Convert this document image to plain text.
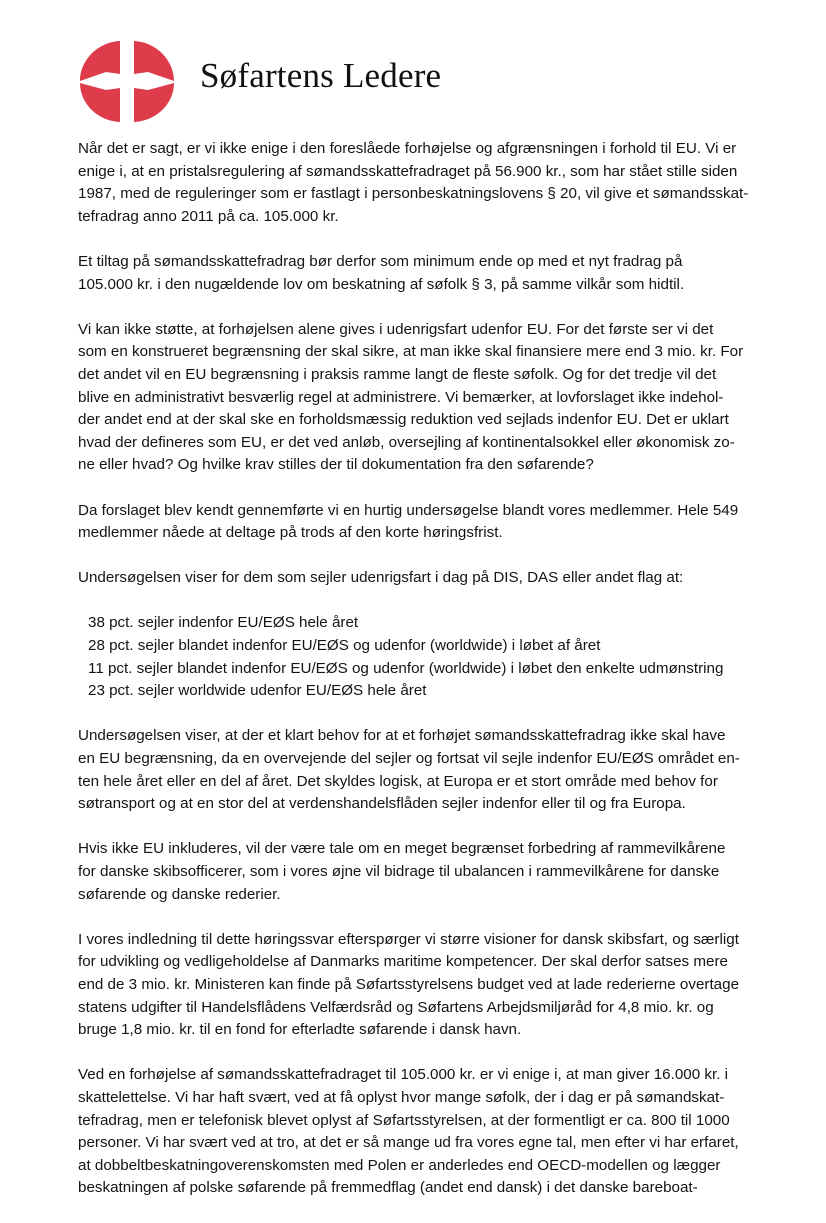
Søfartens Ledere

Når det er sagt, er vi ikke enige i den foreslåede forhøjelse og afgrænsningen i forhold til EU. Vi er
enige i, at en pristalsregulering af sømandsskattefradraget på 56.900 kr., som har stået stille siden
1987, med de reguleringer som er fastlagt i personbeskatningslovens § 20, vil give et sømandsskat-
tefradrag anno 2011 på ca. 105.000 kr.

Et tiltag på sømandsskattefradrag bør derfor som minimum ende op med et nyt fradrag på
105.000 kr. i den nugældende lov om beskatning af søfolk § 3, på samme vilkår som hidtil.

Vi kan ikke støtte, at forhøjelsen alene gives i udenrigsfart udenfor EU. For det første ser vi det
som en konstrueret begrænsning der skal sikre, at man ikke skal finansiere mere end 3 mio. kr. For
det andet vil en EU begrænsning i praksis ramme langt de fleste søfolk. Og for det tredje vil det
blive en administrativt besværlig regel at administrere. Vi bemærker, at lovforslaget ikke indehol-
der andet end at der skal ske en forholdsmæssig reduktion ved sejlads indenfor EU. Det er uklart
hvad der defineres som EU, er det ved anløb, oversejling af kontinentalsokkel eller økonomisk zo-
ne eller hvad? Og hvilke krav stilles der til dokumentation fra den søfarende?

Da forslaget blev kendt gennemførte vi en hurtig undersøgelse blandt vores medlemmer. Hele 549
medlemmer nåede at deltage på trods af den korte høringsfrist.

Undersøgelsen viser for dem som sejler udenrigsfart i dag på DIS, DAS eller andet flag at:

38 pct. sejler indenfor EU/EØS hele året
28 pct. sejler blandet indenfor EU/EØS og udenfor (worldwide) i løbet af året
11 pct. sejler blandet indenfor EU/EØS og udenfor (worldwide) i løbet den enkelte udmønstring
23 pct. sejler worldwide udenfor EU/EØS hele året

Undersøgelsen viser, at der et klart behov for at et forhøjet sømandsskattefradrag ikke skal have
en EU begrænsning, da en overvejende del sejler og fortsat vil sejle indenfor EU/EØS området en-
ten hele året eller en del af året. Det skyldes logisk, at Europa er et stort område med behov for
søtransport og at en stor del at verdenshandelsflåden sejler indenfor eller til og fra Europa.

Hvis ikke EU inkluderes, vil der være tale om en meget begrænset forbedring af rammevilkårene
for danske skibsofficerer, som i vores øjne vil bidrage til ubalancen i rammevilkårene for danske
søfarende og danske rederier.

I vores indledning til dette høringssvar efterspørger vi større visioner for dansk skibsfart, og særligt
for udvikling og vedligeholdelse af Danmarks maritime kompetencer. Der skal derfor satses mere
end de 3 mio. kr. Ministeren kan finde på Søfartsstyrelsens budget ved at lade rederierne overtage
statens udgifter til Handelsflådens Velfærdsråd og Søfartens Arbejdsmiljøråd for 4,8 mio. kr. og
bruge 1,8 mio. kr. til en fond for efterladte søfarende i dansk havn.

Ved en forhøjelse af sømandsskattefradraget til 105.000 kr. er vi enige i, at man giver 16.000 kr. i
skattelettelse. Vi har haft svært, ved at få oplyst hvor mange søfolk, der i dag er på sømandskat-
tefradrag, men er telefonisk blevet oplyst af Søfartsstyrelsen, at der formentligt er ca. 800 til 1000
personer. Vi har svært ved at tro, at det er så mange ud fra vores egne tal, men efter vi har erfaret,
at dobbeltbeskatningoverenskomsten med Polen er anderledes end OECD-modellen og lægger
beskatningen af polske søfarende på fremmedflag (andet end dansk) i det danske bareboat-
